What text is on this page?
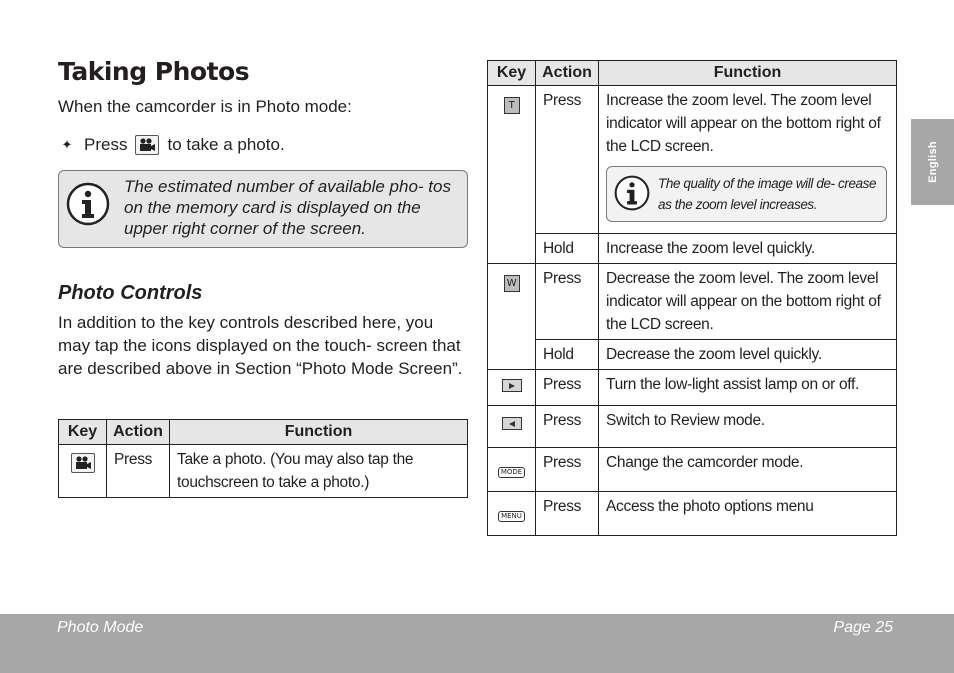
Taking Photos

When the camcorder is in Photo mode:

✦ Press to take a photo.

The estimated number of available pho- tos on the memory card is displayed on the upper right corner of the screen.

Photo Controls

In addition to the key controls described here, you may tap the icons displayed on the touch- screen that are described above in Section “Photo Mode Screen”.

Key	Action	Function

	Press	Take a photo. (You may also tap the touchscreen to take a photo.)
Key	Action	Function
T	Press	Increase the zoom level. The zoom level indicator will appear on the bottom right of the LCD screen.

The quality of the image will de- crease as the zoom level increases.

	Hold	Increase the zoom level quickly.
W	Press	Decrease the zoom level. The zoom level indicator will appear on the bottom right of the LCD screen.
	Hold	Decrease the zoom level quickly.

	Press	Turn the low-light assist lamp on or off.

	Press	Switch to Review mode.
MODE	Press	Change the camcorder mode.
MENU	Press	Access the photo options menu
English
Photo Mode	Page 25
